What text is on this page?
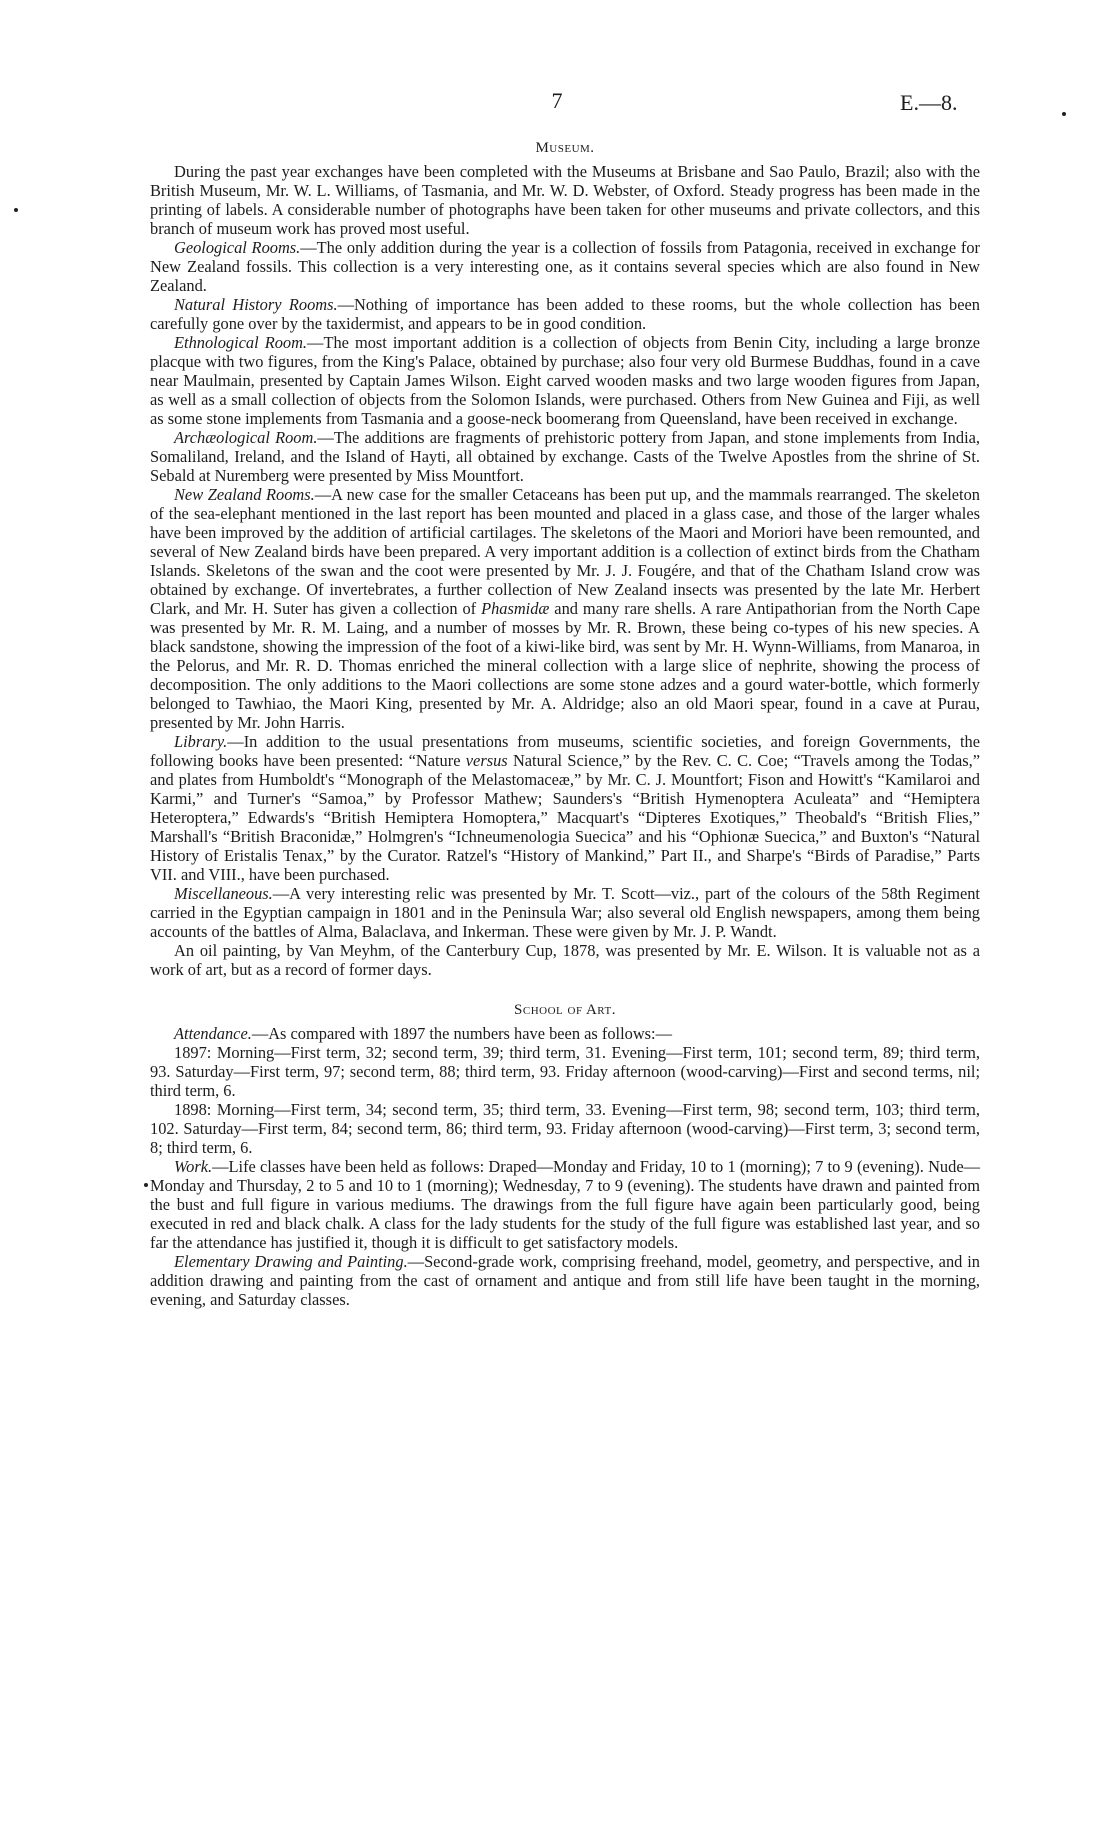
7	E.—8.
Museum.

During the past year exchanges have been completed with the Museums at Brisbane and Sao Paulo, Brazil; also with the British Museum, Mr. W. L. Williams, of Tasmania, and Mr. W. D. Webster, of Oxford. Steady progress has been made in the printing of labels. A considerable number of photographs have been taken for other museums and private collectors, and this branch of museum work has proved most useful.

Geological Rooms.—The only addition during the year is a collection of fossils from Patagonia, received in exchange for New Zealand fossils. This collection is a very interesting one, as it contains several species which are also found in New Zealand.

Natural History Rooms.—Nothing of importance has been added to these rooms, but the whole collection has been carefully gone over by the taxidermist, and appears to be in good condition.

Ethnological Room.—The most important addition is a collection of objects from Benin City, including a large bronze placque with two figures, from the King's Palace, obtained by purchase; also four very old Burmese Buddhas, found in a cave near Maulmain, presented by Captain James Wilson. Eight carved wooden masks and two large wooden figures from Japan, as well as a small collection of objects from the Solomon Islands, were purchased. Others from New Guinea and Fiji, as well as some stone implements from Tasmania and a goose-neck boomerang from Queensland, have been received in exchange.

Archæological Room.—The additions are fragments of prehistoric pottery from Japan, and stone implements from India, Somaliland, Ireland, and the Island of Hayti, all obtained by exchange. Casts of the Twelve Apostles from the shrine of St. Sebald at Nuremberg were presented by Miss Mountfort.

New Zealand Rooms.—A new case for the smaller Cetaceans has been put up, and the mammals rearranged. The skeleton of the sea-elephant mentioned in the last report has been mounted and placed in a glass case, and those of the larger whales have been improved by the addition of artificial cartilages. The skeletons of the Maori and Moriori have been remounted, and several of New Zealand birds have been prepared. A very important addition is a collection of extinct birds from the Chatham Islands. Skeletons of the swan and the coot were presented by Mr. J. J. Fougére, and that of the Chatham Island crow was obtained by exchange. Of invertebrates, a further collection of New Zealand insects was presented by the late Mr. Herbert Clark, and Mr. H. Suter has given a collection of Phasmidæ and many rare shells. A rare Antipathorian from the North Cape was presented by Mr. R. M. Laing, and a number of mosses by Mr. R. Brown, these being co-types of his new species. A black sandstone, showing the impression of the foot of a kiwi-like bird, was sent by Mr. H. Wynn-Williams, from Manaroa, in the Pelorus, and Mr. R. D. Thomas enriched the mineral collection with a large slice of nephrite, showing the process of decomposition. The only additions to the Maori collections are some stone adzes and a gourd water-bottle, which formerly belonged to Tawhiao, the Maori King, presented by Mr. A. Aldridge; also an old Maori spear, found in a cave at Purau, presented by Mr. John Harris.

Library.—In addition to the usual presentations from museums, scientific societies, and foreign Governments, the following books have been presented: “Nature versus Natural Science,” by the Rev. C. C. Coe; “Travels among the Todas,” and plates from Humboldt's “Monograph of the Melastomaceæ,” by Mr. C. J. Mountfort; Fison and Howitt's “Kamilaroi and Karmi,” and Turner's “Samoa,” by Professor Mathew; Saunders's “British Hymenoptera Aculeata” and “Hemiptera Heteroptera,” Edwards's “British Hemiptera Homoptera,” Macquart's “Dipteres Exotiques,” Theobald's “British Flies,” Marshall's “British Braconidæ,” Holmgren's “Ichneumenologia Suecica” and his “Ophionæ Suecica,” and Buxton's “Natural History of Eristalis Tenax,” by the Curator. Ratzel's “History of Mankind,” Part II., and Sharpe's “Birds of Paradise,” Parts VII. and VIII., have been purchased.

Miscellaneous.—A very interesting relic was presented by Mr. T. Scott—viz., part of the colours of the 58th Regiment carried in the Egyptian campaign in 1801 and in the Peninsula War; also several old English newspapers, among them being accounts of the battles of Alma, Balaclava, and Inkerman. These were given by Mr. J. P. Wandt.

An oil painting, by Van Meyhm, of the Canterbury Cup, 1878, was presented by Mr. E. Wilson. It is valuable not as a work of art, but as a record of former days.

School of Art.

Attendance.—As compared with 1897 the numbers have been as follows:—

1897: Morning—First term, 32; second term, 39; third term, 31. Evening—First term, 101; second term, 89; third term, 93. Saturday—First term, 97; second term, 88; third term, 93. Friday afternoon (wood-carving)—First and second terms, nil; third term, 6.

1898: Morning—First term, 34; second term, 35; third term, 33. Evening—First term, 98; second term, 103; third term, 102. Saturday—First term, 84; second term, 86; third term, 93. Friday afternoon (wood-carving)—First term, 3; second term, 8; third term, 6.

Work.—Life classes have been held as follows: Draped—Monday and Friday, 10 to 1 (morning); 7 to 9 (evening). Nude—Monday and Thursday, 2 to 5 and 10 to 1 (morning); Wednesday, 7 to 9 (evening). The students have drawn and painted from the bust and full figure in various mediums. The drawings from the full figure have again been particularly good, being executed in red and black chalk. A class for the lady students for the study of the full figure was established last year, and so far the attendance has justified it, though it is difficult to get satisfactory models.

Elementary Drawing and Painting.—Second-grade work, comprising freehand, model, geometry, and perspective, and in addition drawing and painting from the cast of ornament and antique and from still life have been taught in the morning, evening, and Saturday classes.
